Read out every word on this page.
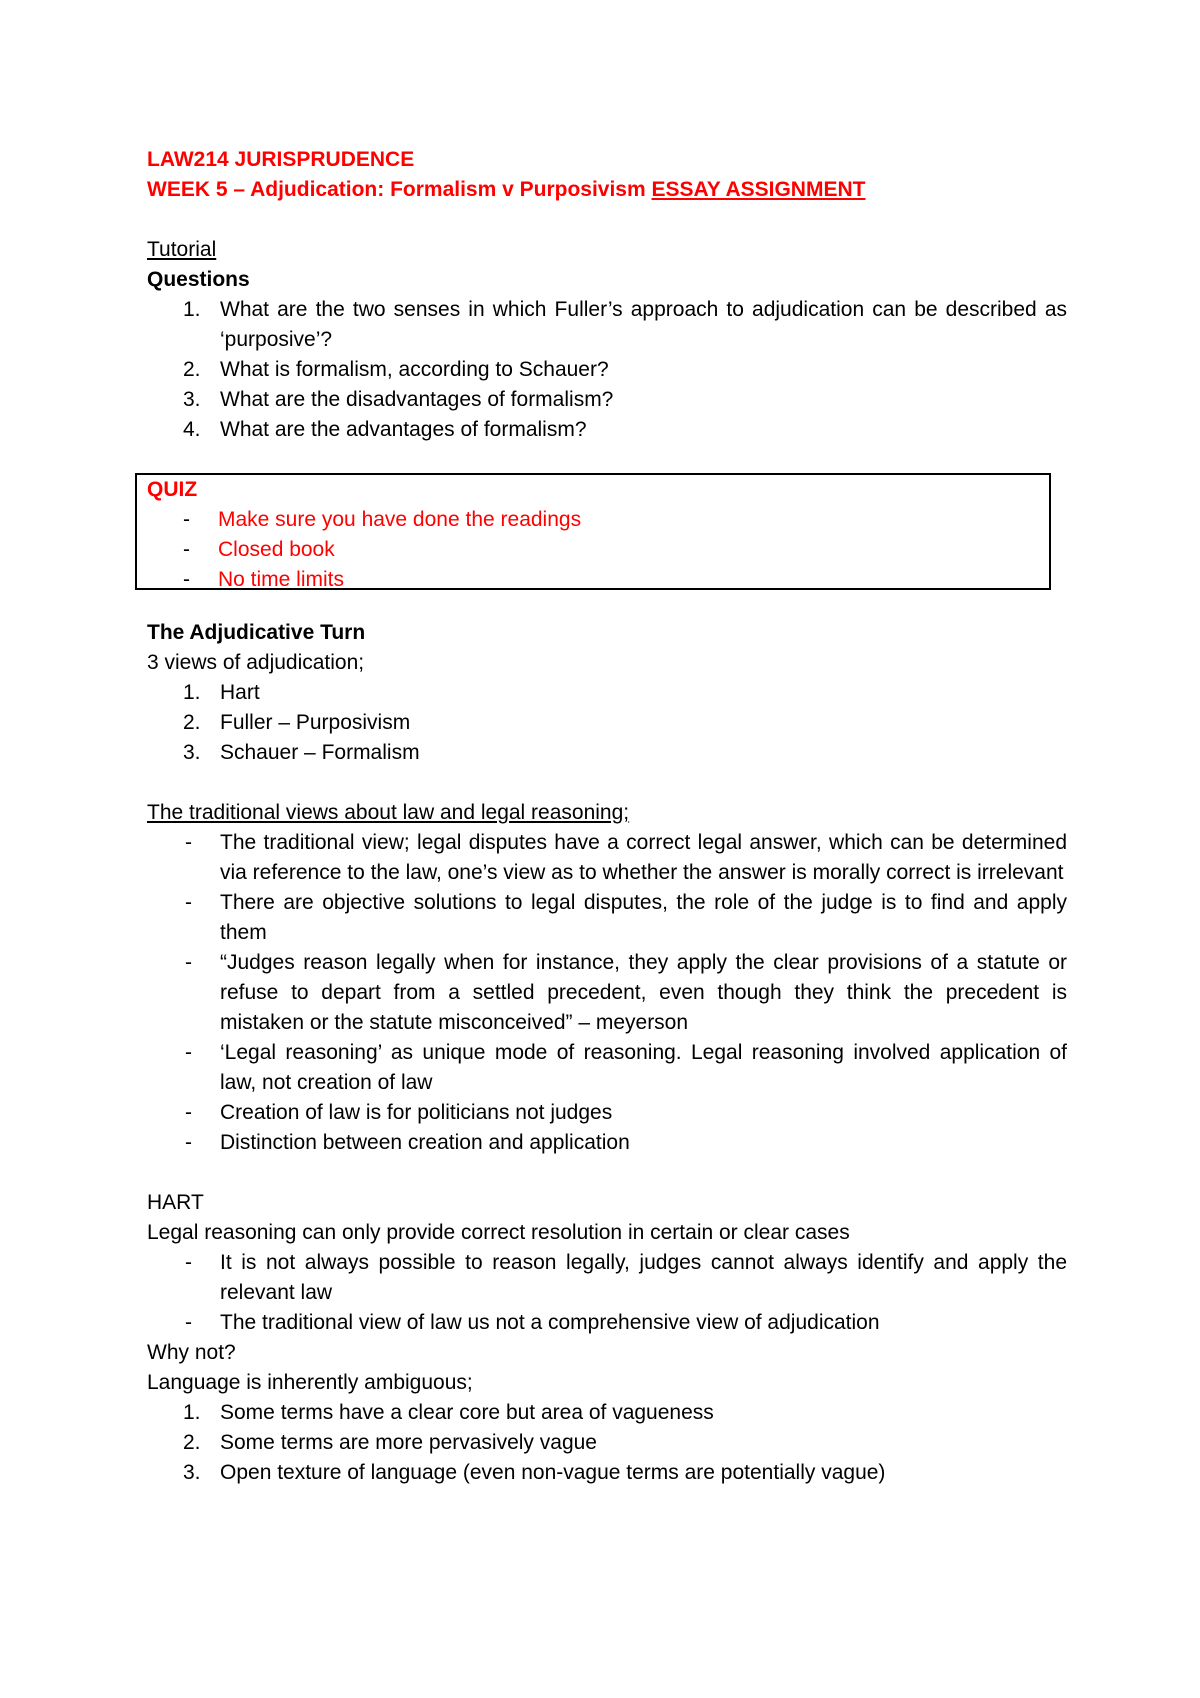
LAW214 JURISPRUDENCE
WEEK 5 – Adjudication: Formalism v Purposivism ESSAY ASSIGNMENT
Tutorial
Questions
1. What are the two senses in which Fuller’s approach to adjudication can be described as ‘purposive’?
2. What is formalism, according to Schauer?
3. What are the disadvantages of formalism?
4. What are the advantages of formalism?
QUIZ
- Make sure you have done the readings
- Closed book
- No time limits
The Adjudicative Turn
3 views of adjudication;
1. Hart
2. Fuller – Purposivism
3. Schauer – Formalism
The traditional views about law and legal reasoning;
- The traditional view; legal disputes have a correct legal answer, which can be determined via reference to the law, one’s view as to whether the answer is morally correct is irrelevant
- There are objective solutions to legal disputes, the role of the judge is to find and apply them
- “Judges reason legally when for instance, they apply the clear provisions of a statute or refuse to depart from a settled precedent, even though they think the precedent is mistaken or the statute misconceived” – meyerson
- ‘Legal reasoning’ as unique mode of reasoning. Legal reasoning involved application of law, not creation of law
- Creation of law is for politicians not judges
- Distinction between creation and application
HART
Legal reasoning can only provide correct resolution in certain or clear cases
- It is not always possible to reason legally, judges cannot always identify and apply the relevant law
- The traditional view of law us not a comprehensive view of adjudication
Why not?
Language is inherently ambiguous;
1. Some terms have a clear core but area of vagueness
2. Some terms are more pervasively vague
3. Open texture of language (even non-vague terms are potentially vague)
